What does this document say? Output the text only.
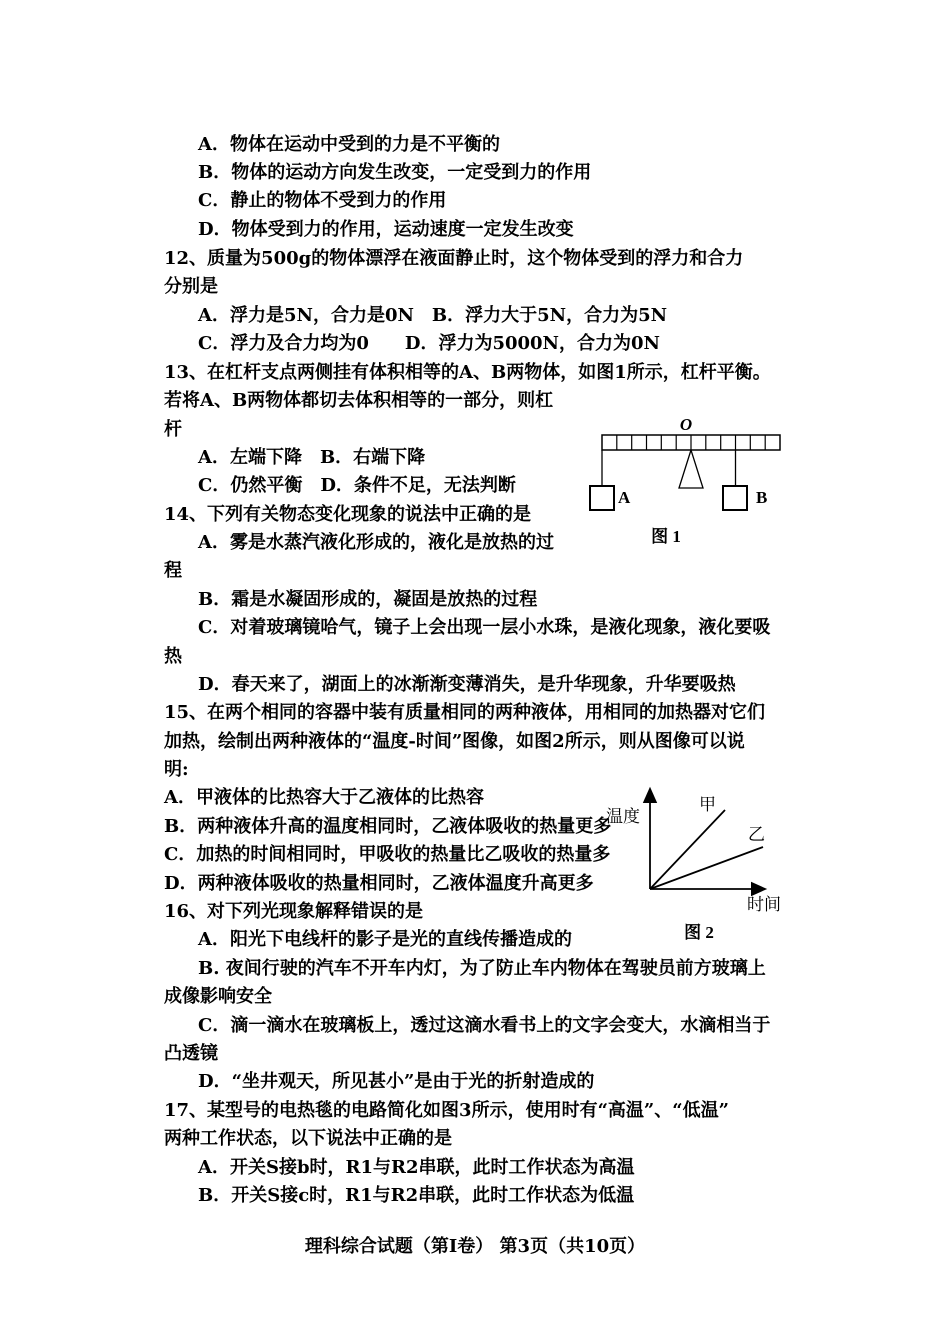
A．物体在运动中受到的力是不平衡的
B．物体的运动方向发生改变，一定受到力的作用
C．静止的物体不受到力的作用
D．物体受到力的作用，运动速度一定发生改变
12、质量为500g的物体漂浮在液面静止时，这个物体受到的浮力和合力
分别是
A．浮力是5N，合力是0N　B．浮力大于5N，合力为5N
C．浮力及合力均为0　　D．浮力为5000N，合力为0N
13、在杠杆支点两侧挂有体积相等的A、B两物体，如图1所示，杠杆平衡。
若将A、B两物体都切去体积相等的一部分，则杠
杆
A．左端下降　B．右端下降
C．仍然平衡　D．条件不足，无法判断
O
A	B
图 1
14、下列有关物态变化现象的说法中正确的是
A．雾是水蒸汽液化形成的，液化是放热的过
程
B．霜是水凝固形成的，凝固是放热的过程
C．对着玻璃镜哈气，镜子上会出现一层小水珠，是液化现象，液化要吸
热
D．春天来了，湖面上的冰渐渐变薄消失，是升华现象，升华要吸热
15、在两个相同的容器中装有质量相同的两种液体，用相同的加热器对它们
加热，绘制出两种液体的“温度-时间”图像，如图2所示，则从图像可以说
明:
温度
时间
甲
乙
图 2
A．甲液体的比热容大于乙液体的比热容
B．两种液体升高的温度相同时，乙液体吸收的热量更多
C．加热的时间相同时，甲吸收的热量比乙吸收的热量多
D．两种液体吸收的热量相同时，乙液体温度升高更多
16、对下列光现象解释错误的是
A．阳光下电线杆的影子是光的直线传播造成的
B. 夜间行驶的汽车不开车内灯，为了防止车内物体在驾驶员前方玻璃上
成像影响安全
C．滴一滴水在玻璃板上，透过这滴水看书上的文字会变大，水滴相当于
凸透镜
D．“坐井观天，所见甚小”是由于光的折射造成的
17、某型号的电热毯的电路简化如图3所示，使用时有“高温”、“低温”
两种工作状态，以下说法中正确的是
A．开关S接b时，R1与R2串联，此时工作状态为高温
B．开关S接c时，R1与R2串联，此时工作状态为低温
理科综合试题（第Ⅰ卷） 第3页（共10页）
